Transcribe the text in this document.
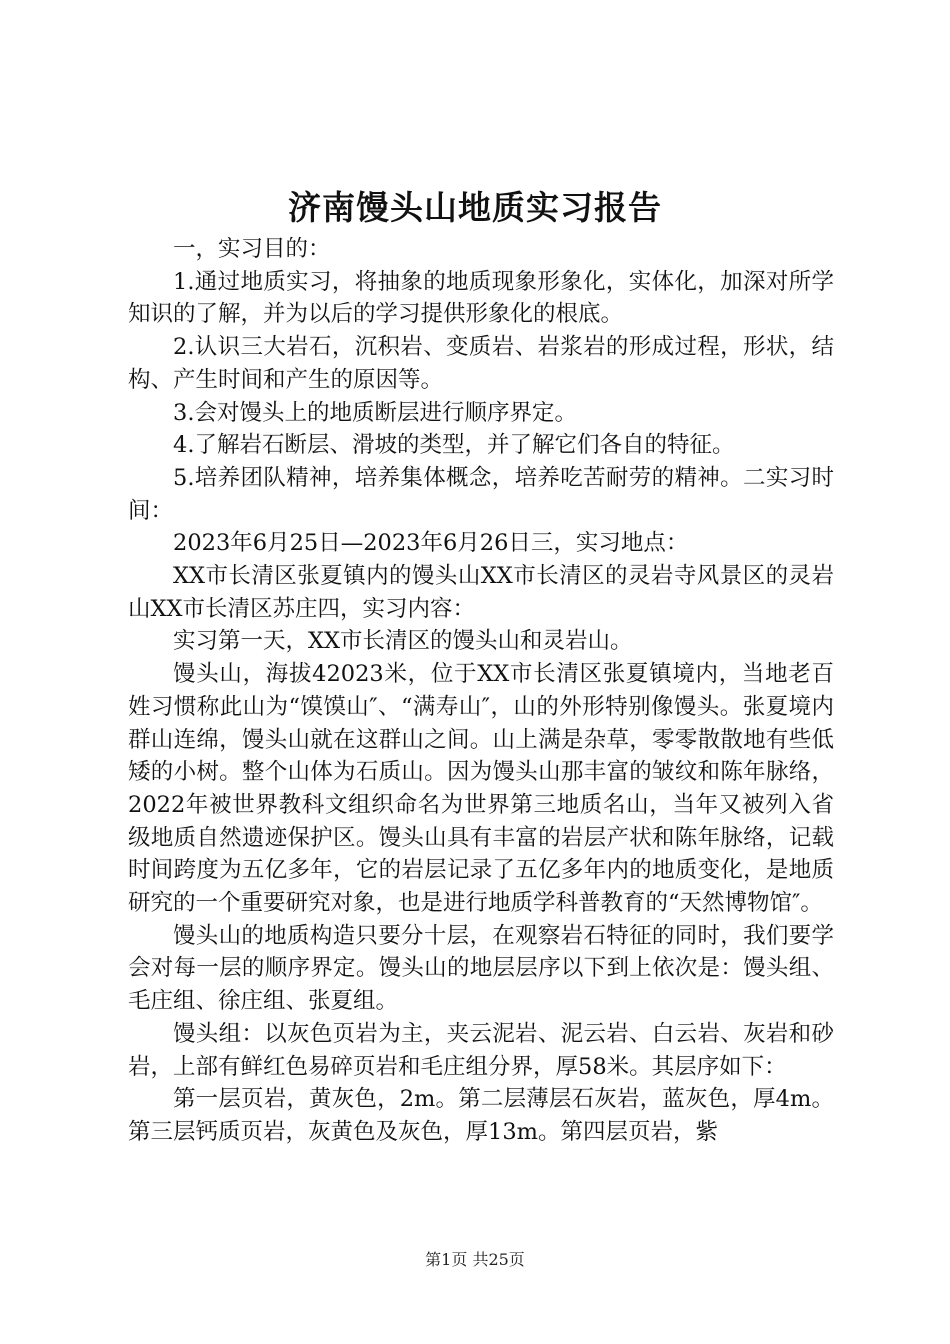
济南馒头山地质实习报告

一，实习目的：

1.通过地质实习，将抽象的地质现象形象化，实体化，加深对所学知识的了解，并为以后的学习提供形象化的根底。

2.认识三大岩石，沉积岩、变质岩、岩浆岩的形成过程，形状，结构、产生时间和产生的原因等。

3.会对馒头上的地质断层进行顺序界定。

4.了解岩石断层、滑坡的类型，并了解它们各自的特征。

5.培养团队精神，培养集体概念，培养吃苦耐劳的精神。二实习时间：

2023年6月25日—2023年6月26日三，实习地点：

XX市长清区张夏镇内的馒头山XX市长清区的灵岩寺风景区的灵岩山XX市长清区苏庄四，实习内容：

实习第一天，XX市长清区的馒头山和灵岩山。

馒头山，海拔42023米，位于XX市长清区张夏镇境内，当地老百姓习惯称此山为“馍馍山″、“满寿山″，山的外形特别像馒头。张夏境内群山连绵，馒头山就在这群山之间。山上满是杂草，零零散散地有些低矮的小树。整个山体为石质山。因为馒头山那丰富的皱纹和陈年脉络，2022年被世界教科文组织命名为世界第三地质名山，当年又被列入省级地质自然遗迹保护区。馒头山具有丰富的岩层产状和陈年脉络，记载时间跨度为五亿多年，它的岩层记录了五亿多年内的地质变化，是地质研究的一个重要研究对象，也是进行地质学科普教育的“天然博物馆″。

馒头山的地质构造只要分十层，在观察岩石特征的同时，我们要学会对每一层的顺序界定。馒头山的地层层序以下到上依次是：馒头组、毛庄组、徐庄组、张夏组。

馒头组：以灰色页岩为主，夹云泥岩、泥云岩、白云岩、灰岩和砂岩，上部有鲜红色易碎页岩和毛庄组分界，厚58米。其层序如下：

第一层页岩，黄灰色，2m。第二层薄层石灰岩，蓝灰色，厚4m。第三层钙质页岩，灰黄色及灰色，厚13m。第四层页岩，紫

第1页 共25页
